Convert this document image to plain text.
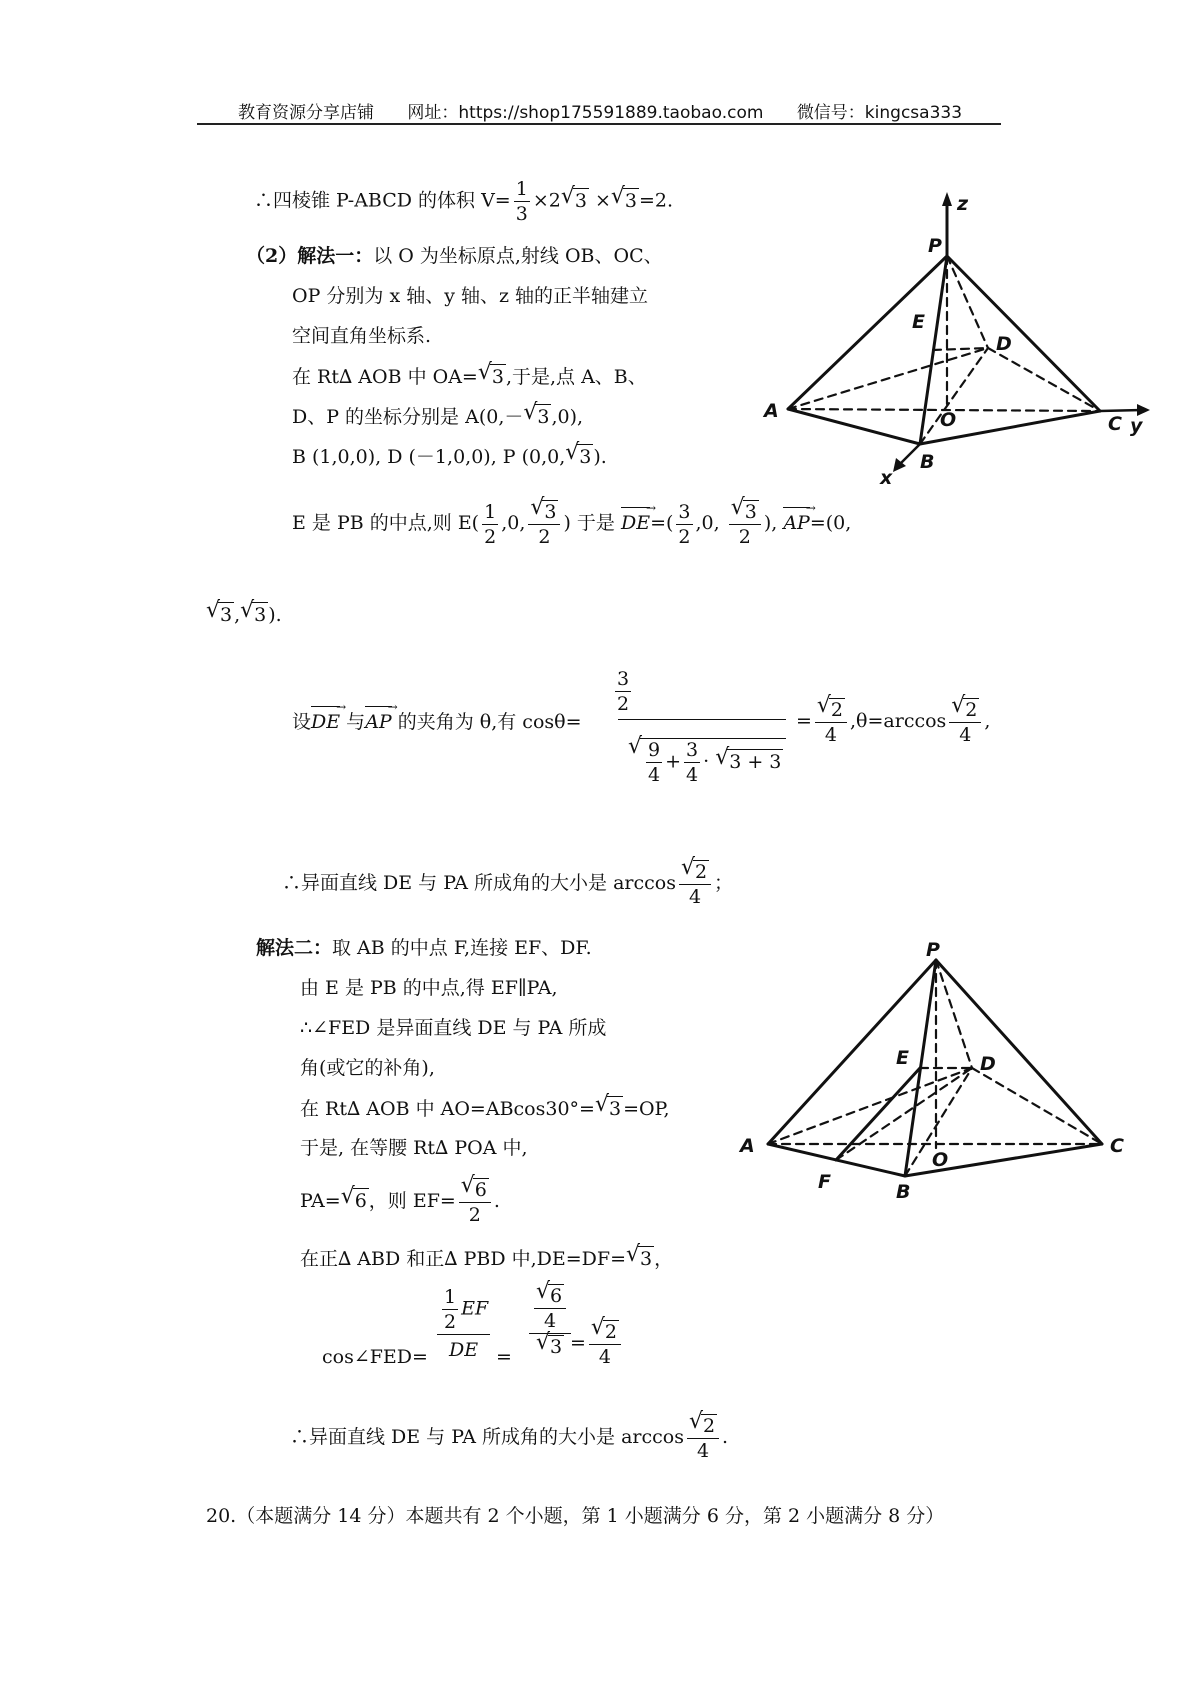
教育资源分享店铺 网址：https://shop175591889.taobao.com 微信号：kingcsa333
∴四棱锥 P-ABCD 的体积 $V= \frac{1}{3} \times 2√$ 3 ×√ 3 =2.
（2）解法一：以 O 为坐标原点,射线 OB、OC、
OP 分别为 x 轴、y 轴、z 轴的正半轴建立
空间直角坐标系.
在 Rt∆ AOB 中 OA=√ 3 ,于是,点 A、B、
D、P 的坐标分别是 A(0,－√ 3 ,0),
B (1,0,0), D (－1,0,0), P (0,0,√ 3 ).
E 是 PB 的中点,则 $E( \frac{1}{2} ,0$,
√ $\frac{3}{2}$ ) 于是 DE →=( $\frac{3}{2} ,0$,
√ $\frac{3}{2}$ ), AP →=(0,
√ 3 ,√ 3 ).
设DE → 与AP → 的夹角为 θ,有 cosθ=
$\frac{3}{2}$
√ $\frac{9}{4} + \frac{3}{4}$ · √ 3 + 3
=
√ $\frac{2}{4} ,\theta=\arccos$
√ $\frac{2}{4}$ ,
∴异面直线 DE 与 PA 所成角的大小是 arccos
√ $\frac{2}{4}$ ；
解法二：取 AB 的中点 F,连接 EF、DF.
由 E 是 PB 的中点,得 EF∥PA,
∴∠FED 是异面直线 DE 与 PA 所成
角(或它的补角),
在 Rt∆ AOB 中 AO=ABcos30°=√ 3 =OP,
于是, 在等腰 Rt∆ POA 中,
PA=√ 6 ，则 EF=
√ $\frac{6}{2}$ .
在正∆ ABD 和正∆ PBD 中,DE=DF=√ 3 ，
cos∠FED= $\frac{\frac{1}{2} EF}{DE}$ =
√ $\frac{6}{4}$
√ 3
=
√ $\frac{2}{4}$
∴异面直线 DE 与 PA 所成角的大小是 arccos
√ $\frac{2}{4}$ .
20.（本题满分 14 分）本题共有 2 个小题，第 1 小题满分 6 分，第 2 小题满分 8 分）
z
P
E
D
A	O	C y
B
x
P
E	D
A
O
C
F	B
